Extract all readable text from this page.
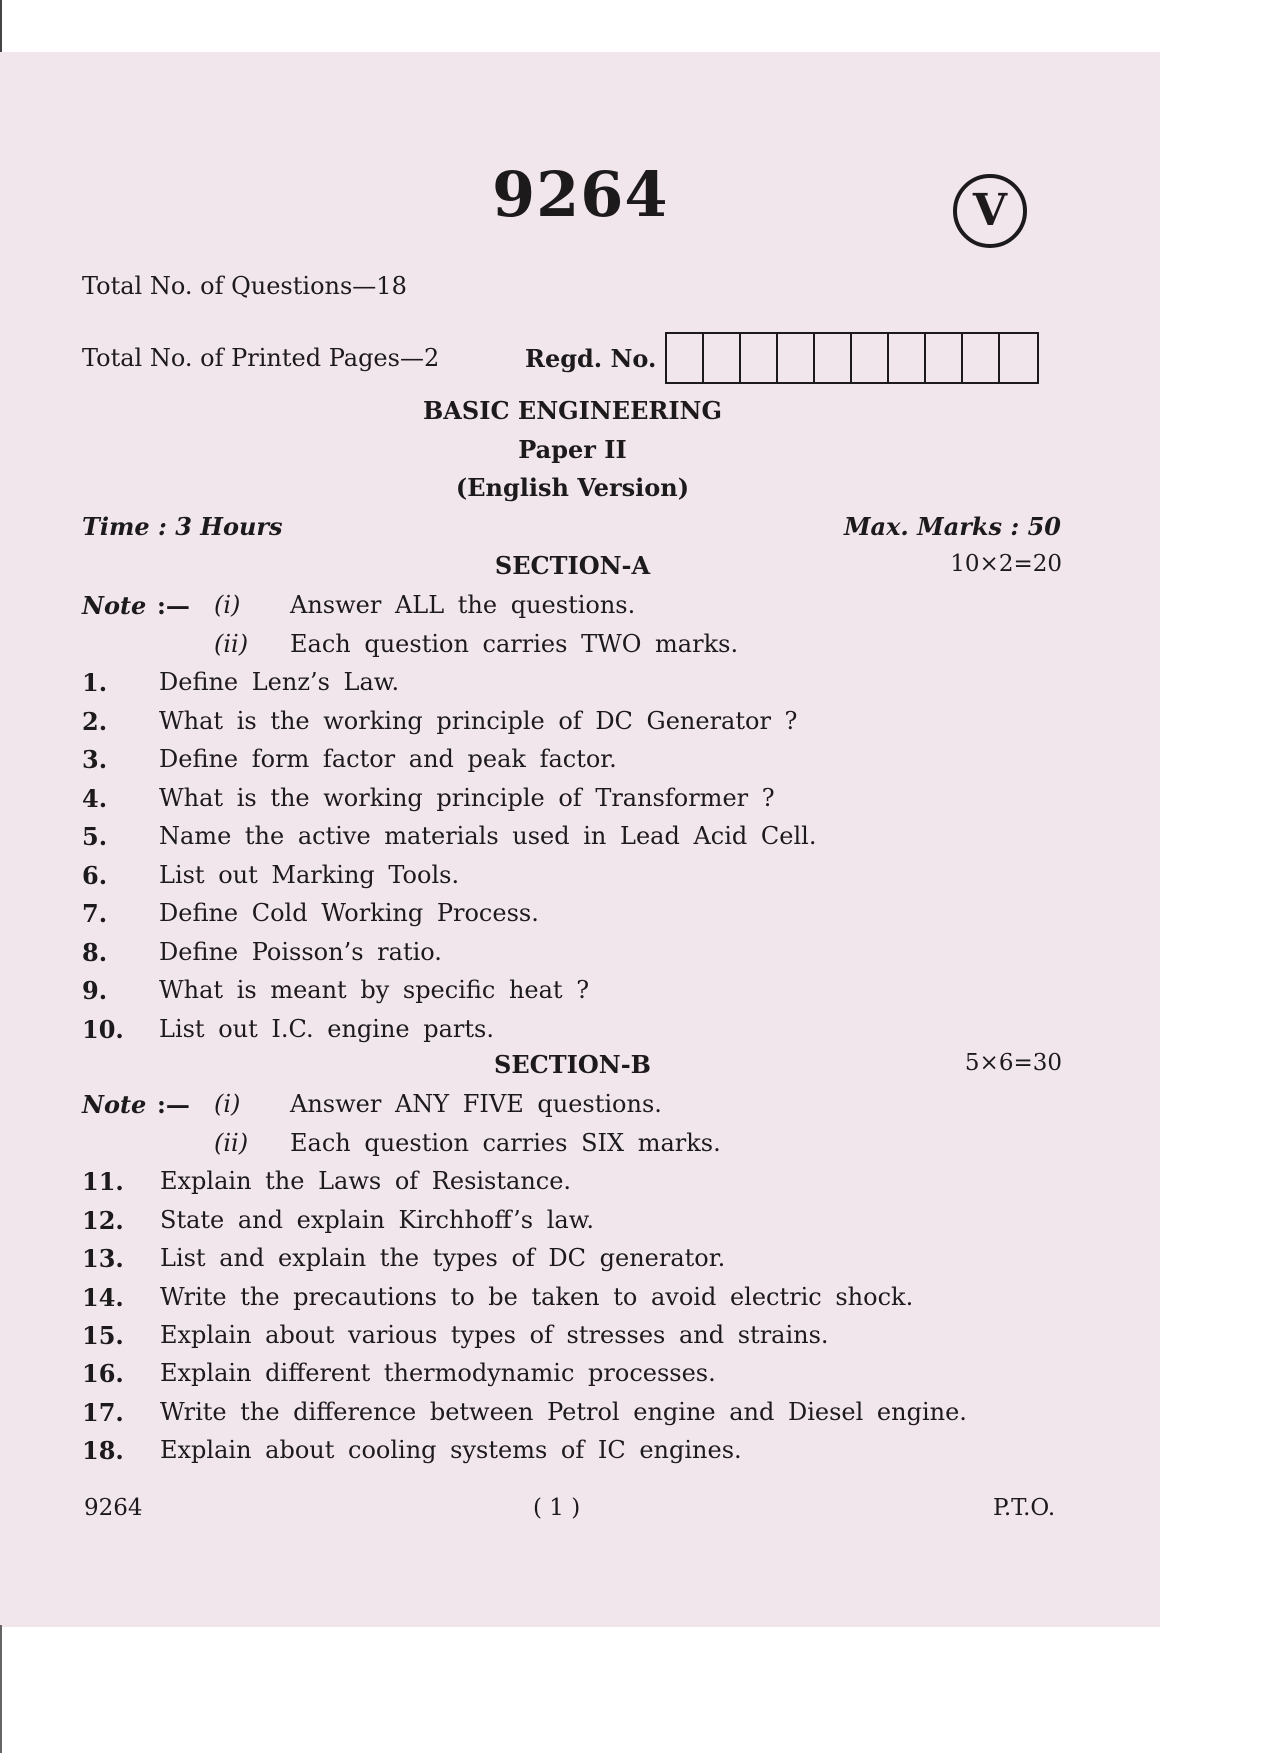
9264	V
Total No. of Questions—18
Total No. of Printed Pages—2	Regd. No.
BASIC ENGINEERING
Paper II
(English Version)
Time : 3 Hours	Max. Marks : 50
SECTION-A	10×2=20
Note :— (i) Answer ALL the questions.
(ii) Each question carries TWO marks.
1. Define Lenz’s Law.
2. What is the working principle of DC Generator ?
3. Define form factor and peak factor.
4. What is the working principle of Transformer ?
5. Name the active materials used in Lead Acid Cell.
6. List out Marking Tools.
7. Define Cold Working Process.
8. Define Poisson’s ratio.
9. What is meant by specific heat ?
10. List out I.C. engine parts.
SECTION-B	5×6=30
Note :— (i) Answer ANY FIVE questions.
(ii) Each question carries SIX marks.
11. Explain the Laws of Resistance.
12. State and explain Kirchhoff’s law.
13. List and explain the types of DC generator.
14. Write the precautions to be taken to avoid electric shock.
15. Explain about various types of stresses and strains.
16. Explain different thermodynamic processes.
17. Write the difference between Petrol engine and Diesel engine.
18. Explain about cooling systems of IC engines.
9264	( 1 )	P.T.O.
